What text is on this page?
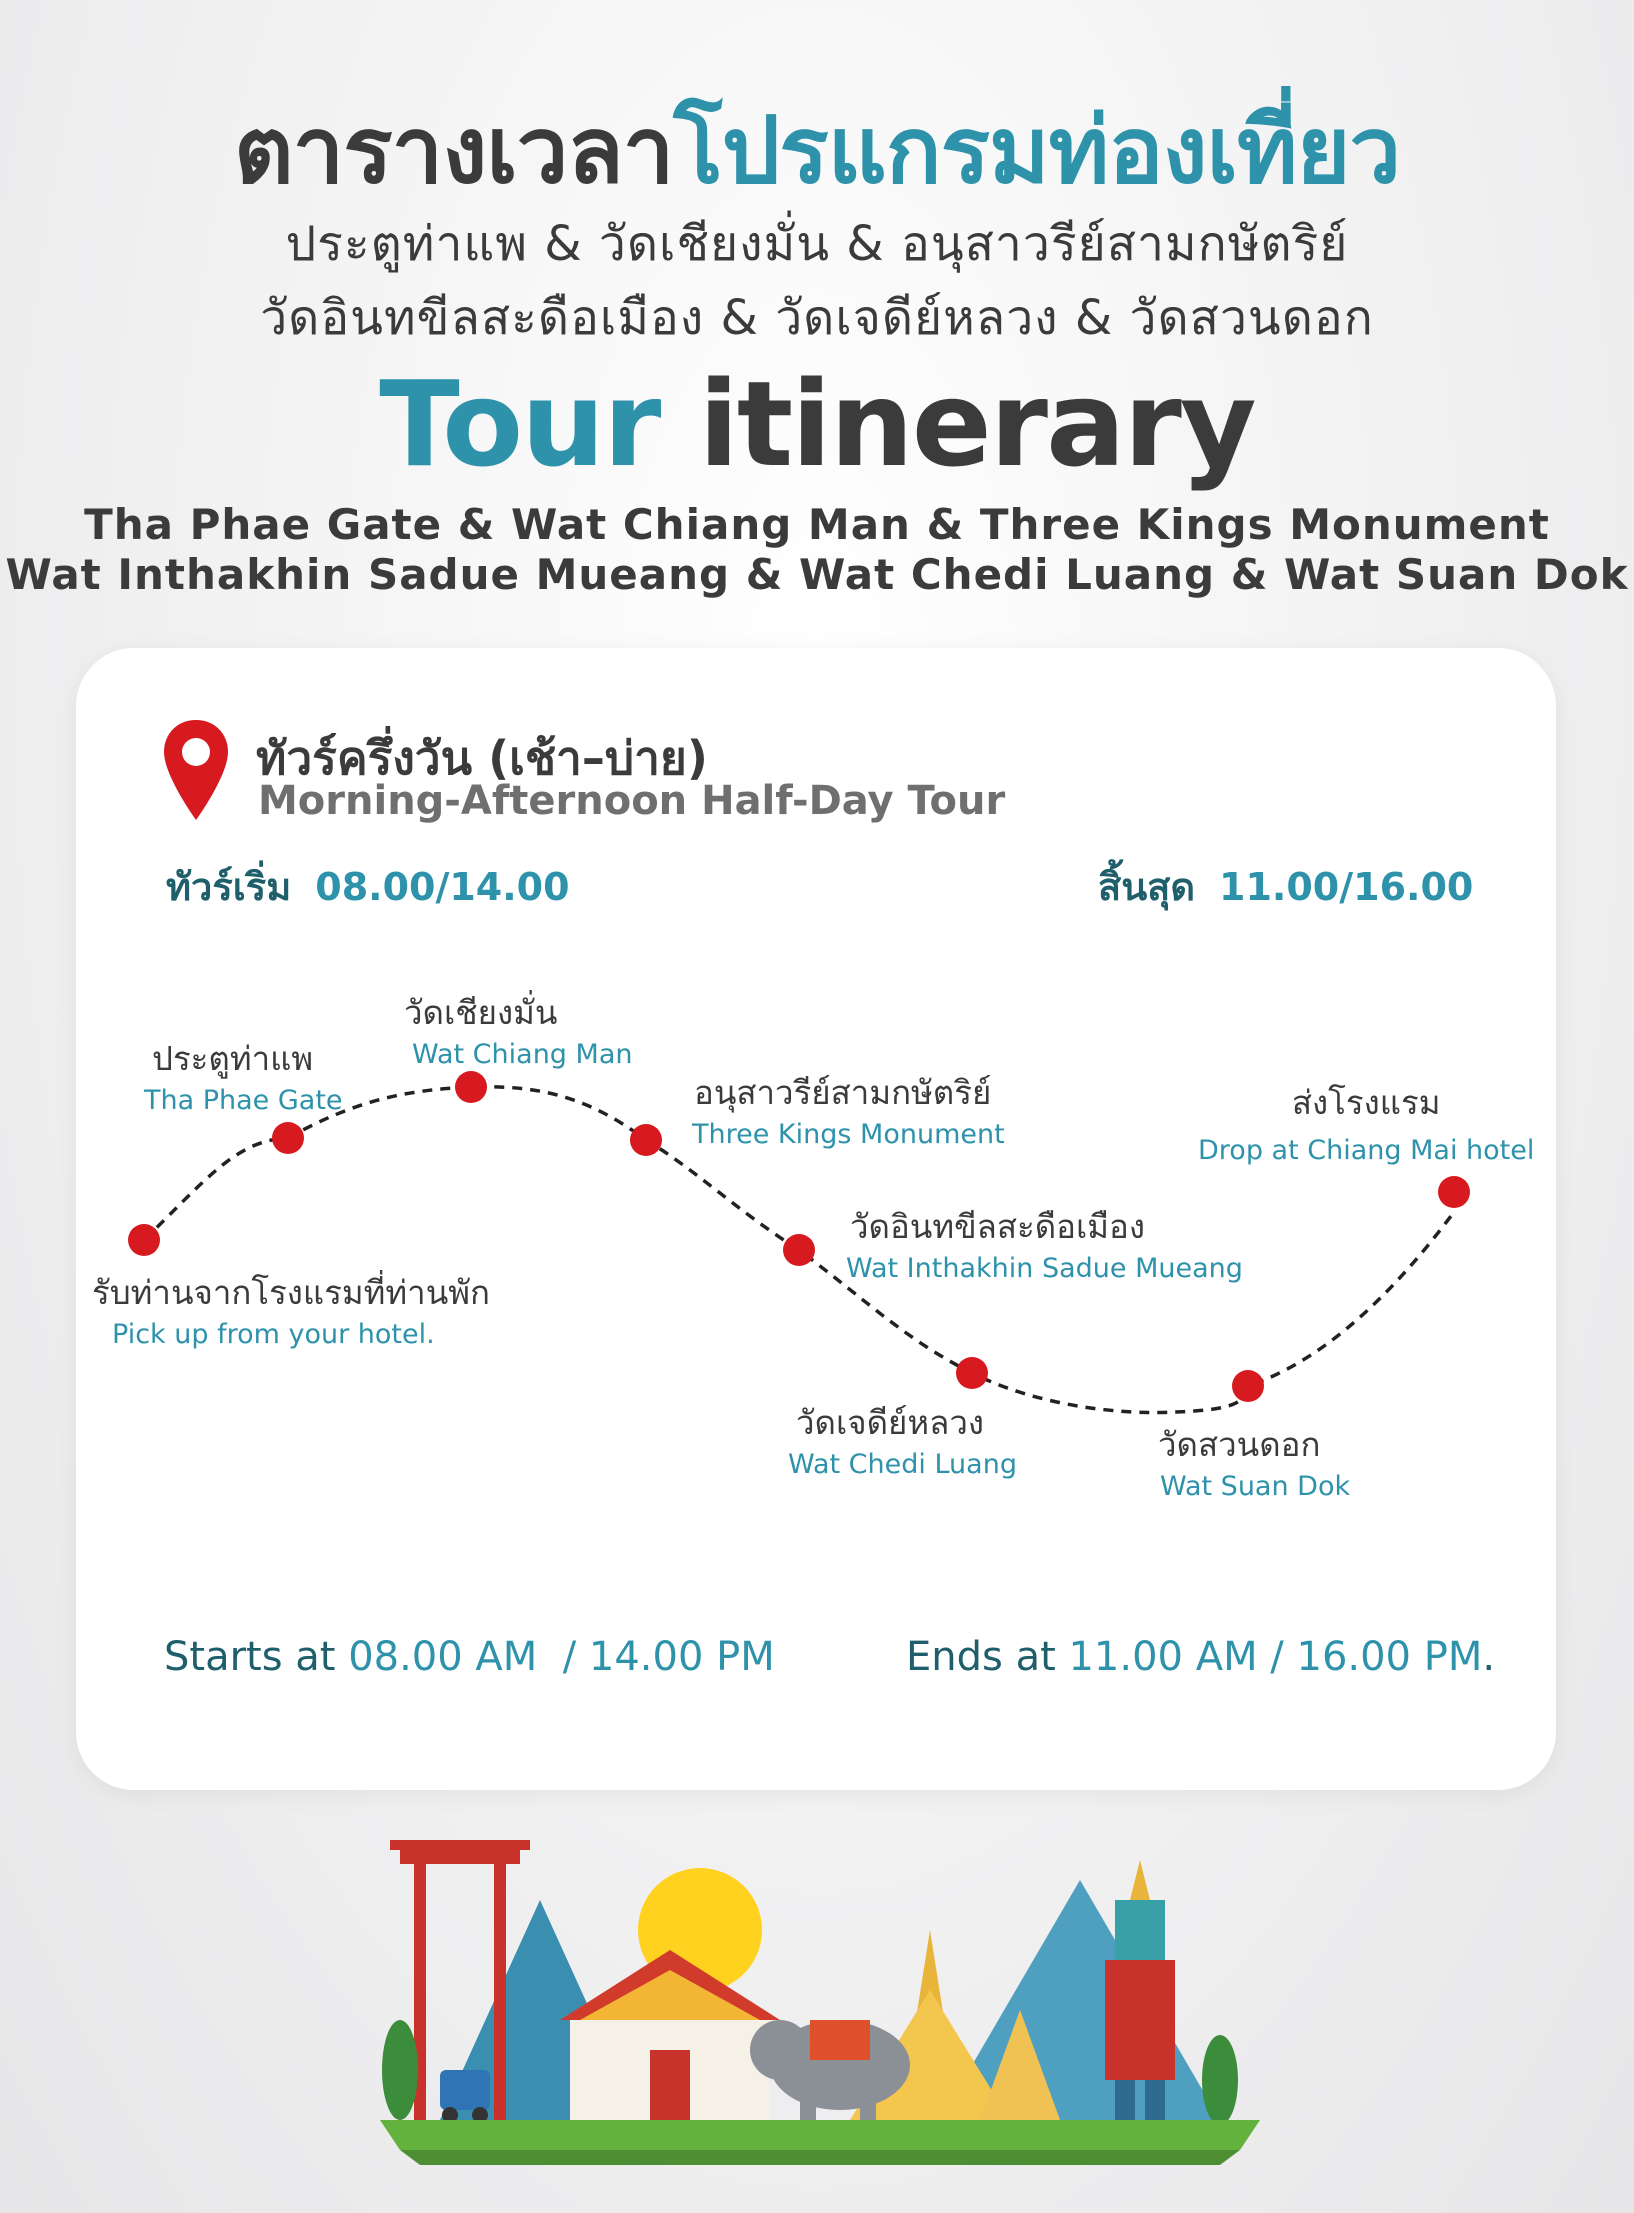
ตารางเวลาโปรแกรมท่องเที่ยว
ประตูท่าแพ & วัดเชียงมั่น & อนุสาวรีย์สามกษัตริย์
วัดอินทขีลสะดือเมือง & วัดเจดีย์หลวง & วัดสวนดอก
Tour itinerary
Tha Phae Gate & Wat Chiang Man & Three Kings Monument
Wat Inthakhin Sadue Mueang & Wat Chedi Luang & Wat Suan Dok
ทัวร์ครึ่งวัน (เช้า–บ่าย)
Morning-Afternoon Half-Day Tour
ทัวร์เริ่ม 08.00/14.00	สิ้นสุด 11.00/16.00
รับท่านจากโรงแรมที่ท่านพัก
Pick up from your hotel.
ประตูท่าแพ
Tha Phae Gate
วัดเชียงมั่น
Wat Chiang Man
อนุสาวรีย์สามกษัตริย์
Three Kings Monument
วัดอินทขีลสะดือเมือง
Wat Inthakhin Sadue Mueang
วัดเจดีย์หลวง
Wat Chedi Luang
วัดสวนดอก
Wat Suan Dok
ส่งโรงแรม
Drop at Chiang Mai hotel
Starts at 08.00 AM  / 14.00 PM	Ends at 11.00 AM / 16.00 PM.
